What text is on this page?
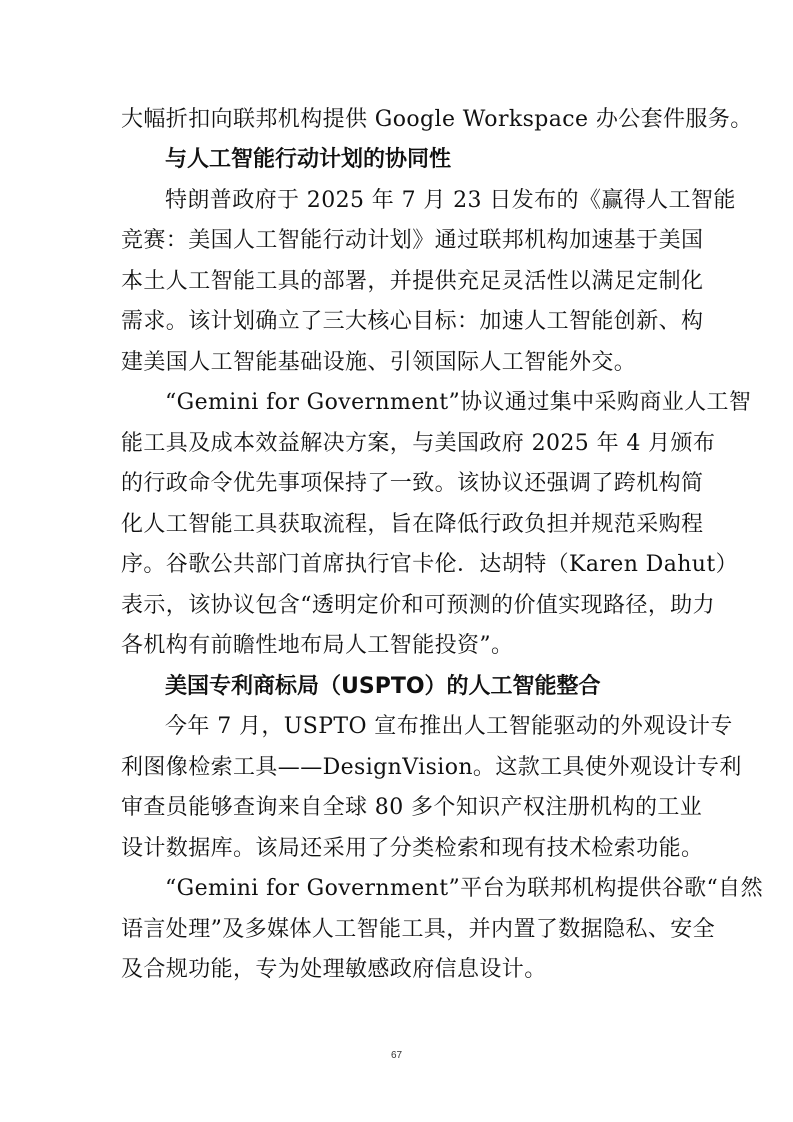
大幅折扣向联邦机构提供 Google Workspace 办公套件服务。
与人工智能行动计划的协同性
特朗普政府于 2025 年 7 月 23 日发布的《赢得人工智能
竞赛：美国人工智能行动计划》通过联邦机构加速基于美国
本土人工智能工具的部署，并提供充足灵活性以满足定制化
需求。该计划确立了三大核心目标：加速人工智能创新、构
建美国人工智能基础设施、引领国际人工智能外交。
“Gemini for Government”协议通过集中采购商业人工智
能工具及成本效益解决方案，与美国政府 2025 年 4 月颁布
的行政命令优先事项保持了一致。该协议还强调了跨机构简
化人工智能工具获取流程，旨在降低行政负担并规范采购程
序。谷歌公共部门首席执行官卡伦．达胡特（Karen Dahut）
表示，该协议包含“透明定价和可预测的价值实现路径，助力
各机构有前瞻性地布局人工智能投资”。
美国专利商标局（USPTO）的人工智能整合
今年 7 月，USPTO 宣布推出人工智能驱动的外观设计专
利图像检索工具——DesignVision。这款工具使外观设计专利
审查员能够查询来自全球 80 多个知识产权注册机构的工业
设计数据库。该局还采用了分类检索和现有技术检索功能。
“Gemini for Government”平台为联邦机构提供谷歌“自然
语言处理”及多媒体人工智能工具，并内置了数据隐私、安全
及合规功能，专为处理敏感政府信息设计。
67
